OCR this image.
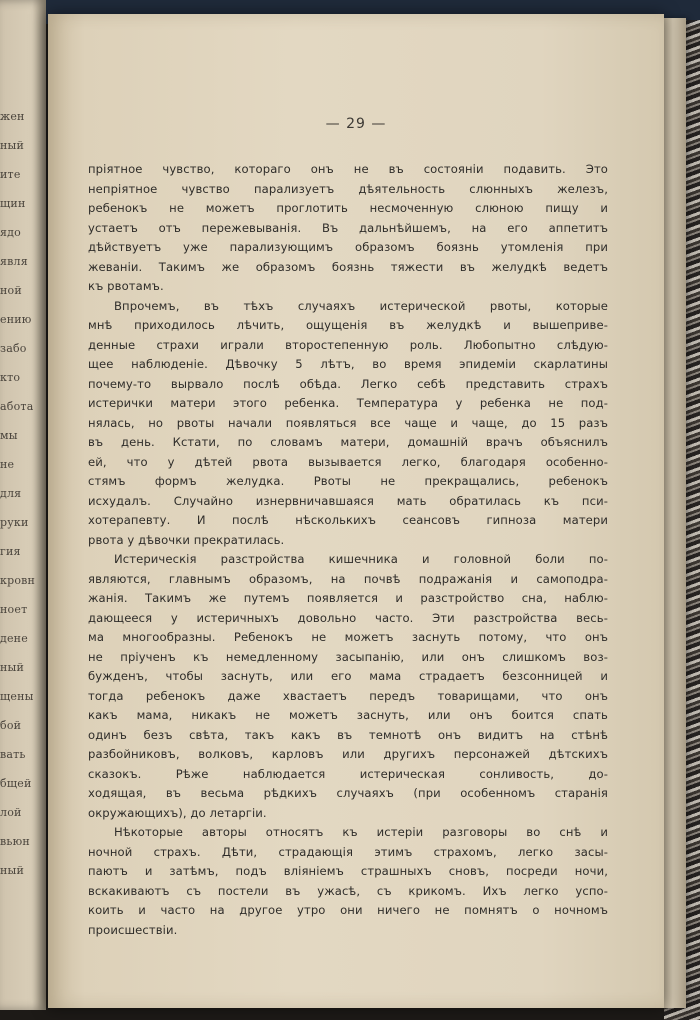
жен
ный
ите
щин
ядо
явля
ной
ению
забо
кто
абота
мы
не
для
руки
гия
кровн
ноет
дене
ный
щены
бой
вать
бщей
лой
вьюн
ный
— 29 —
пріятное чувство, котораго онъ не въ состояніи подавить. Это
непріятное чувство парализуетъ дѣятельность слюнныхъ железъ,
ребенокъ не можетъ проглотить несмоченную слюною пищу и
устаетъ отъ пережевыванія. Въ дальнѣйшемъ, на его аппетитъ
дѣйствуетъ уже парализующимъ образомъ боязнь утомленія при
жеваніи. Такимъ же образомъ боязнь тяжести въ желудкѣ ведетъ
къ рвотамъ.
Впрочемъ, въ тѣхъ случаяхъ истерической рвоты, которые
мнѣ приходилось лѣчить, ощущенія въ желудкѣ и вышеприве-
денные страхи играли второстепенную роль. Любопытно слѣдую-
щее наблюденіе. Дѣвочку 5 лѣтъ, во время эпидеміи скарлатины
почему-то вырвало послѣ обѣда. Легко себѣ представить страхъ
истерички матери этого ребенка. Температура у ребенка не под-
нялась, но рвоты начали появляться все чаще и чаще, до 15 разъ
въ день. Кстати, по словамъ матери, домашній врачъ объяснилъ
ей, что у дѣтей рвота вызывается легко, благодаря особенно-
стямъ формъ желудка. Рвоты не прекращались, ребенокъ
исхудалъ. Случайно изнервничавшаяся мать обратилась къ пси-
хотерапевту. И послѣ нѣсколькихъ сеансовъ гипноза матери
рвота у дѣвочки прекратилась.
Истерическія разстройства кишечника и головной боли по-
являются, главнымъ образомъ, на почвѣ подражанія и самоподра-
жанія. Такимъ же путемъ появляется и разстройство сна, наблю-
дающееся у истеричныхъ довольно часто. Эти разстройства весь-
ма многообразны. Ребенокъ не можетъ заснуть потому, что онъ
не пріученъ къ немедленному засыпанію, или онъ слишкомъ воз-
бужденъ, чтобы заснуть, или его мама страдаетъ безсонницей и
тогда ребенокъ даже хвастаетъ передъ товарищами, что онъ
какъ мама, никакъ не можетъ заснуть, или онъ боится спать
одинъ безъ свѣта, такъ какъ въ темнотѣ онъ видитъ на стѣнѣ
разбойниковъ, волковъ, карловъ или другихъ персонажей дѣтскихъ
сказокъ. Рѣже наблюдается истерическая сонливость, до-
ходящая, въ весьма рѣдкихъ случаяхъ (при особенномъ старанія
окружающихъ), до летаргіи.
Нѣкоторые авторы относятъ къ истеріи разговоры во снѣ и
ночной страхъ. Дѣти, страдающія этимъ страхомъ, легко засы-
паютъ и затѣмъ, подъ вліяніемъ страшныхъ сновъ, посреди ночи,
вскакиваютъ съ постели въ ужасѣ, съ крикомъ. Ихъ легко успо-
коить и часто на другое утро они ничего не помнятъ о ночномъ
происшествіи.
